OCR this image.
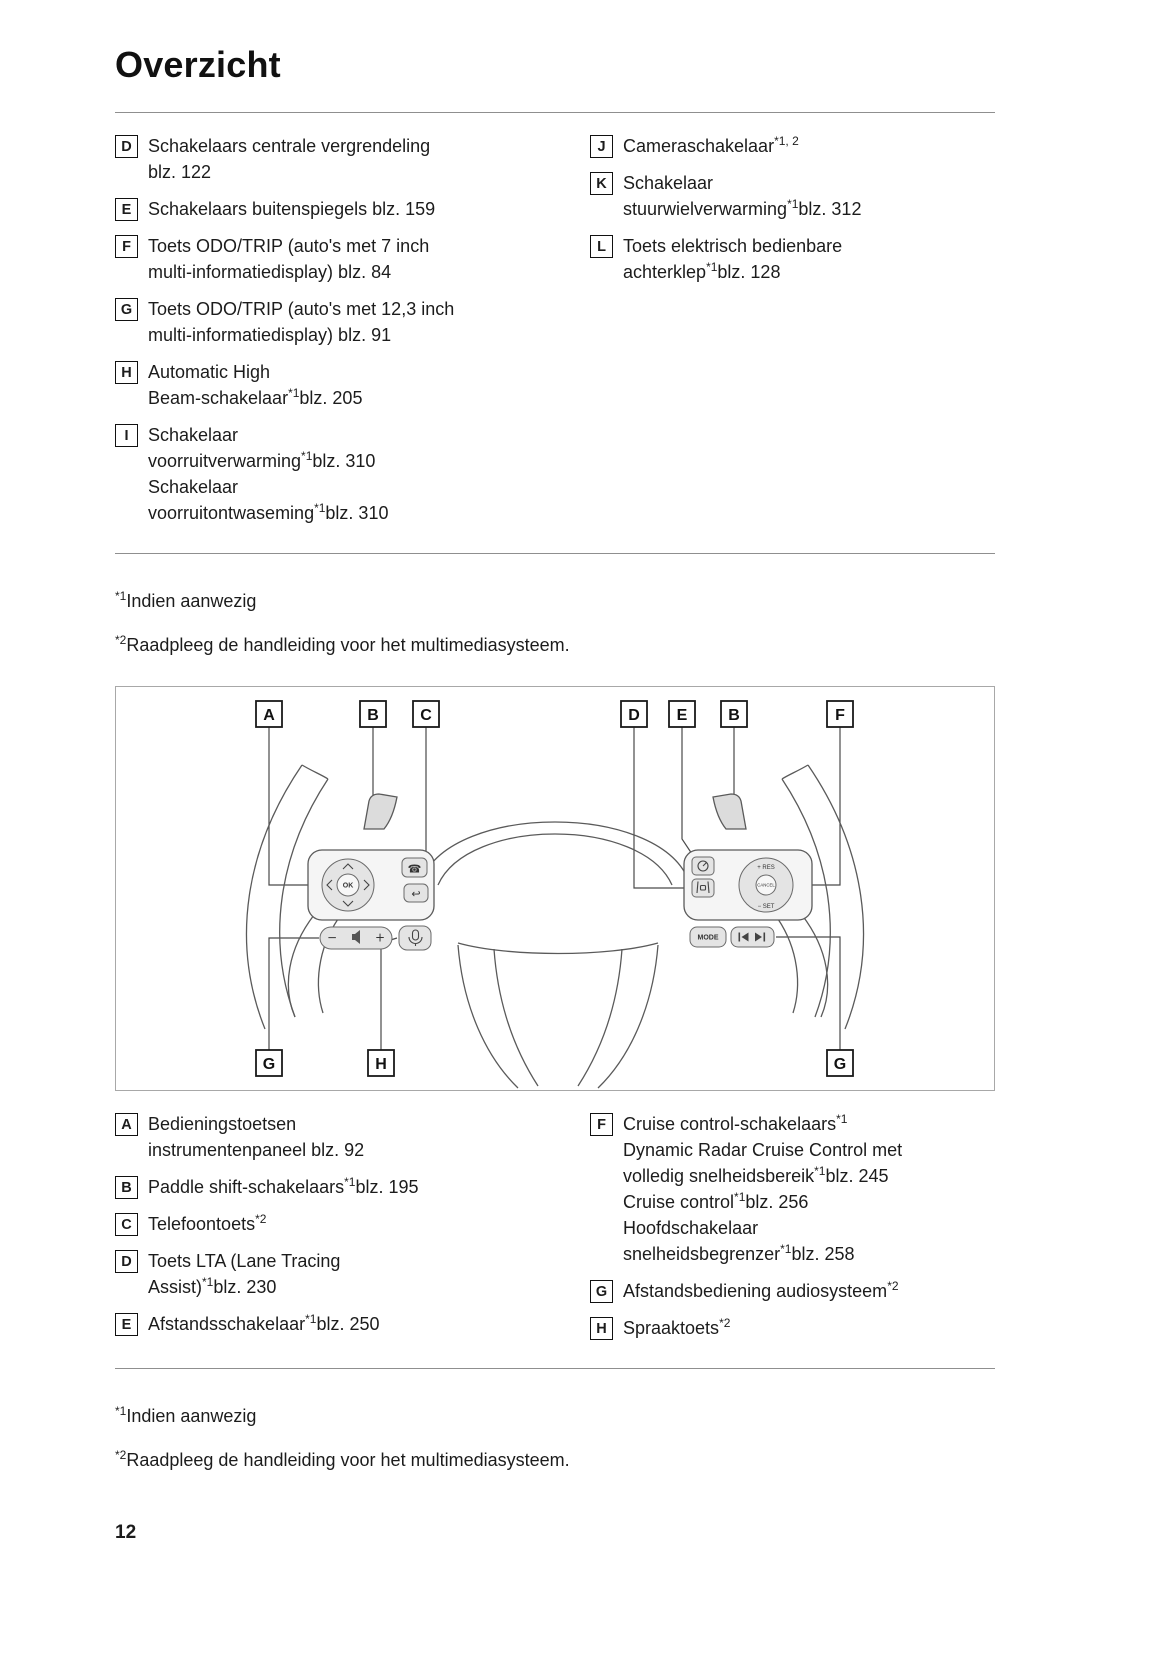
Overzicht
D Schakelaars centrale vergrendeling
blz. 122
E Schakelaars buitenspiegels blz. 159
F Toets ODO/TRIP (auto's met 7 inch
multi-informatiedisplay) blz. 84
G Toets ODO/TRIP (auto's met 12,3 inch
multi-informatiedisplay) blz. 91
H Automatic High
Beam-schakelaar$^{*1}$blz. 205
I	Schakelaar
voorruitverwarming$^{*1}$blz. 310
Schakelaar
voorruitontwaseming$^{*1}$blz. 310
J Cameraschakelaar$^{*1, 2}$
K Schakelaar
stuurwielverwarming$^{*1}$blz. 312
L Toets elektrisch bedienbare
achterklep$^{*1}$blz. 128
$^{*1}$Indien aanwezig
$^{*2}$Raadpleeg de handleiding voor het multimediasysteem.
OK
☎
↩
−	+
+ RES
CANCEL
− SET
MODE
A	B	C	D E	B	F
G	H	G
A Bedieningstoetsen
instrumentenpaneel blz. 92
B Paddle shift-schakelaars$^{*1}$blz. 195
C Telefoontoets$^{*2}$
D Toets LTA (Lane Tracing
Assist)$^{*1}$blz. 230
E Afstandsschakelaar$^{*1}$blz. 250
F Cruise control-schakelaars$^{*1}$
Dynamic Radar Cruise Control met
volledig snelheidsbereik$^{*1}$blz. 245
Cruise control$^{*1}$blz. 256
Hoofdschakelaar
snelheidsbegrenzer$^{*1}$blz. 258
G Afstandsbediening audiosysteem$^{*2}$
H Spraaktoets$^{*2}$
$^{*1}$Indien aanwezig
$^{*2}$Raadpleeg de handleiding voor het multimediasysteem.
12
